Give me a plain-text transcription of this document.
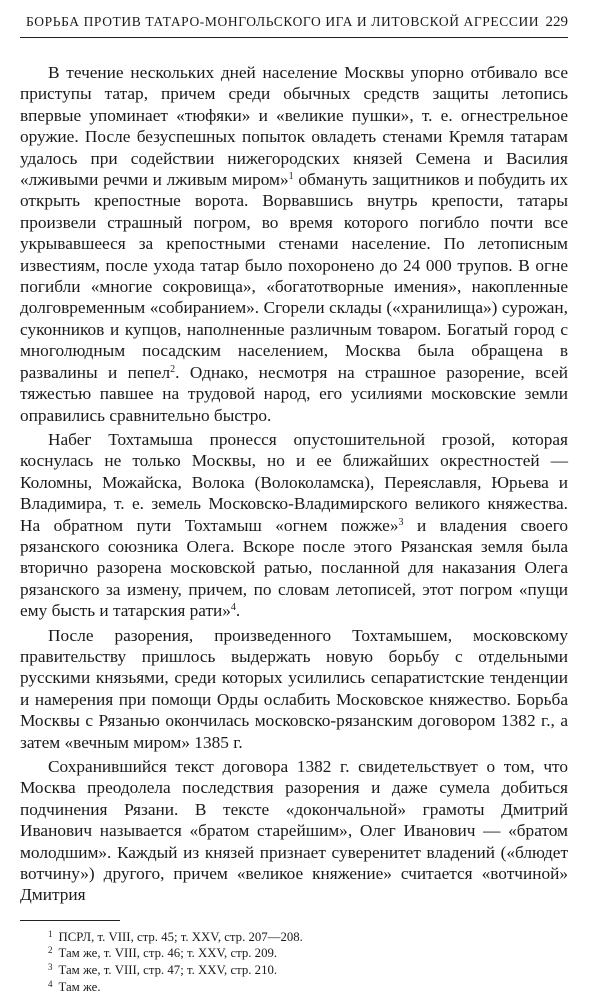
БОРЬБА ПРОТИВ ТАТАРО-МОНГОЛЬСКОГО ИГА И ЛИТОВСКОЙ АГРЕССИИ 229

В течение нескольких дней население Москвы упорно отбивало все приступы татар, причем среди обычных средств защиты летопись впервые упоминает «тюфяки» и «великие пушки», т. е. огнестрельное оружие. После безуспешных попыток овладеть стенами Кремля татарам удалось при содействии нижегородских князей Семена и Василия «лживыми речми и лживым миром»$^1$ обмануть защитников и побудить их открыть крепостные ворота. Ворвавшись внутрь крепости, татары произвели страшный погром, во время которого погибло почти все укрывавшееся за крепостными стенами население. По летописным известиям, после ухода татар было похоронено до 24 000 трупов. В огне погибли «многие сокровища», «богатотворные имения», накопленные долговременным «собиранием». Сгорели склады («хранилища») сурожан, суконников и купцов, наполненные различным товаром. Богатый город с многолюдным посадским населением, Москва была обращена в развалины и пепел$^2$. Однако, несмотря на страшное разорение, всей тяжестью павшее на трудовой народ, его усилиями московские земли оправились сравнительно быстро.

Набег Тохтамыша пронесся опустошительной грозой, которая коснулась не только Москвы, но и ее ближайших окрестностей — Коломны, Можайска, Волока (Волоколамска), Переяславля, Юрьева и Владимира, т. е. земель Московско-Владимирского великого княжества. На обратном пути Тохтамыш «огнем пожже»$^3$ и владения своего рязанского союзника Олега. Вскоре после этого Рязанская земля была вторично разорена московской ратью, посланной для наказания Олега рязанского за измену, причем, по словам летописей, этот погром «пущи ему бысть и татарския рати»$^4$.

После разорения, произведенного Тохтамышем, московскому правительству пришлось выдержать новую борьбу с отдельными русскими князьями, среди которых усилились сепаратистские тенденции и намерения при помощи Орды ослабить Московское княжество. Борьба Москвы с Рязанью окончилась московско-рязанским договором 1382 г., а затем «вечным миром» 1385 г.

Сохранившийся текст договора 1382 г. свидетельствует о том, что Москва преодолела последствия разорения и даже сумела добиться подчинения Рязани. В тексте «докончальной» грамоты Дмитрий Иванович называется «братом старейшим», Олег Иванович — «братом молодшим». Каждый из князей признает суверенитет владений («блюдет вотчину») другого, причем «великое княжение» считается «вотчиной» Дмитрия

$^1$ ПСРЛ, т. VIII, стр. 45; т. XXV, стр. 207—208.
$^2$ Там же, т. VIII, стр. 46; т. XXV, стр. 209.
$^3$ Там же, т. VIII, стр. 47; т. XXV, стр. 210.
$^4$ Там же.
